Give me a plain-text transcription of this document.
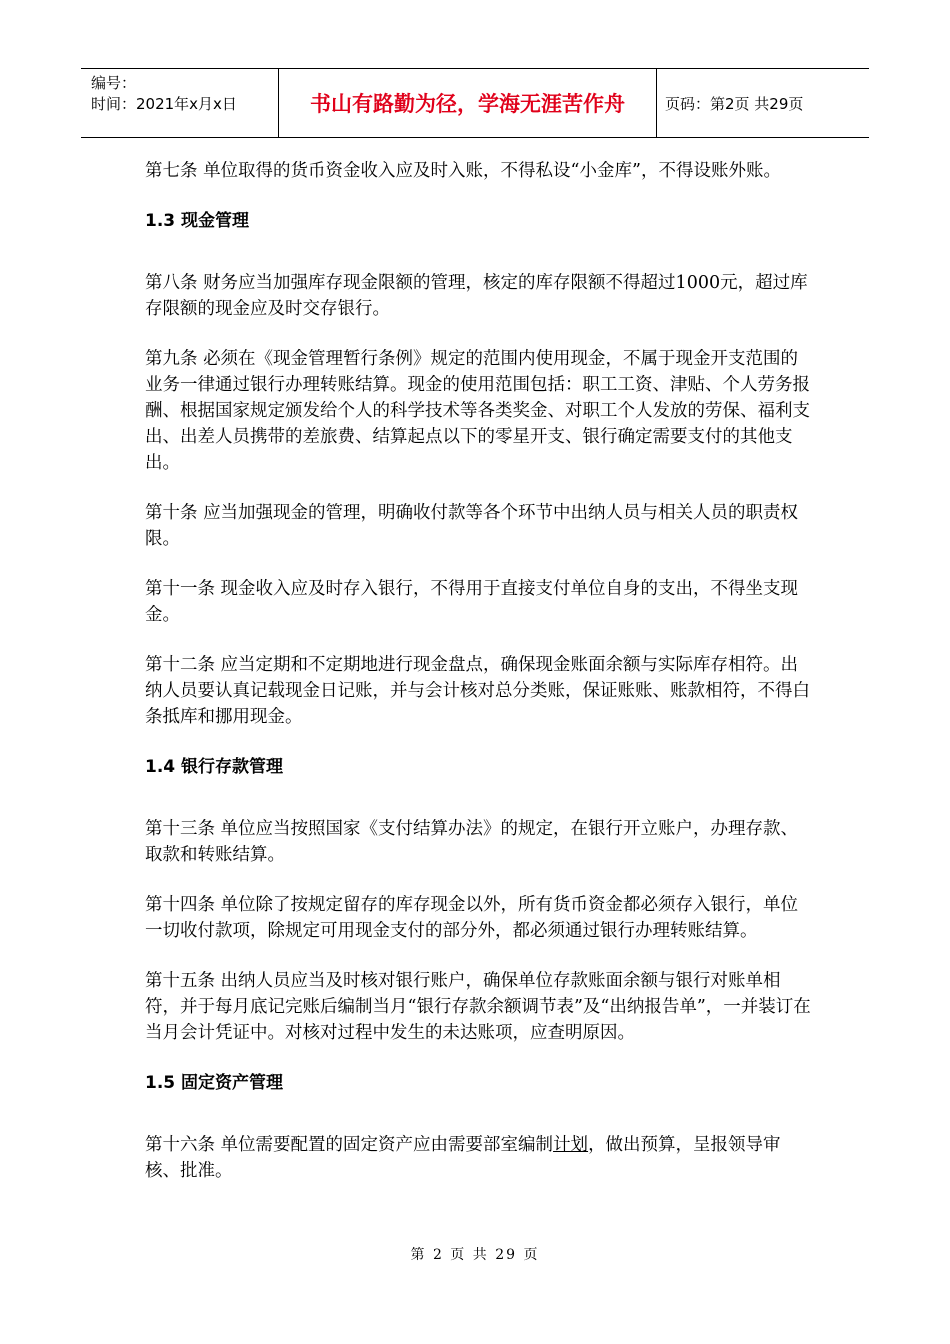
编号：
时间：2021年x月x日	书山有路勤为径，学海无涯苦作舟	页码：第2页 共29页

第七条 单位取得的货币资金收入应及时入账，不得私设“小金库”，不得设账外账。

1.3 现金管理

第八条 财务应当加强库存现金限额的管理，核定的库存限额不得超过1000元，超过库存限额的现金应及时交存银行。

第九条 必须在《现金管理暂行条例》规定的范围内使用现金，不属于现金开支范围的业务一律通过银行办理转账结算。现金的使用范围包括：职工工资、津贴、个人劳务报酬、根据国家规定颁发给个人的科学技术等各类奖金、对职工个人发放的劳保、福利支出、出差人员携带的差旅费、结算起点以下的零星开支、银行确定需要支付的其他支出。

第十条 应当加强现金的管理，明确收付款等各个环节中出纳人员与相关人员的职责权限。

第十一条 现金收入应及时存入银行，不得用于直接支付单位自身的支出，不得坐支现金。

第十二条 应当定期和不定期地进行现金盘点，确保现金账面余额与实际库存相符。出纳人员要认真记载现金日记账，并与会计核对总分类账，保证账账、账款相符，不得白条抵库和挪用现金。

1.4 银行存款管理

第十三条 单位应当按照国家《支付结算办法》的规定，在银行开立账户，办理存款、取款和转账结算。

第十四条 单位除了按规定留存的库存现金以外，所有货币资金都必须存入银行，单位一切收付款项，除规定可用现金支付的部分外，都必须通过银行办理转账结算。

第十五条 出纳人员应当及时核对银行账户，确保单位存款账面余额与银行对账单相符，并于每月底记完账后编制当月“银行存款余额调节表”及“出纳报告单”，一并装订在当月会计凭证中。对核对过程中发生的未达账项，应查明原因。

1.5 固定资产管理

第十六条 单位需要配置的固定资产应由需要部室编制计划，做出预算，呈报领导审核、批准。

第 2 页 共 29 页
